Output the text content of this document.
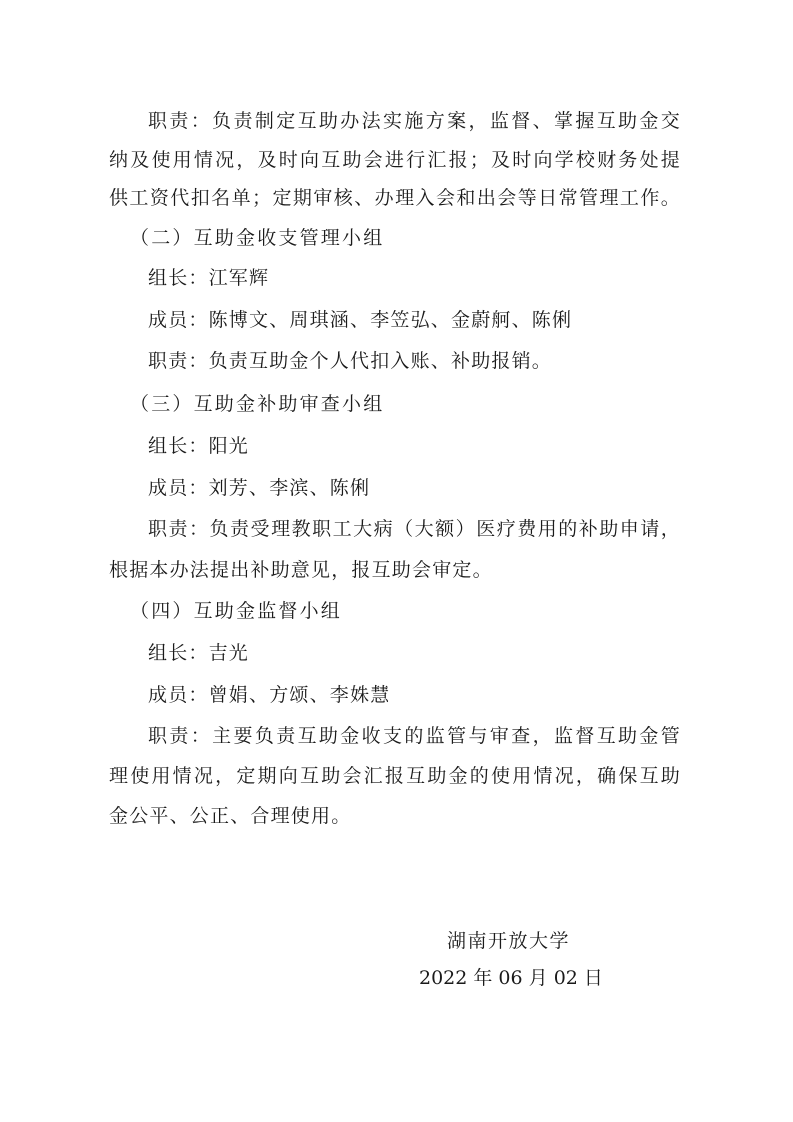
职责：负责制定互助办法实施方案，监督、掌握互助金交
纳及使用情况，及时向互助会进行汇报；及时向学校财务处提
供工资代扣名单；定期审核、办理入会和出会等日常管理工作。
（二）互助金收支管理小组
组长：江军辉
成员：陈博文、周琪涵、李笠弘、金蔚舸、陈俐
职责：负责互助金个人代扣入账、补助报销。
（三）互助金补助审查小组
组长：阳光
成员：刘芳、李滨、陈俐
职责：负责受理教职工大病（大额）医疗费用的补助申请，
根据本办法提出补助意见，报互助会审定。
（四）互助金监督小组
组长：吉光
成员：曾娟、方颂、李姝慧
职责：主要负责互助金收支的监管与审查，监督互助金管
理使用情况，定期向互助会汇报互助金的使用情况，确保互助
金公平、公正、合理使用。
湖南开放大学
2022 年 06 月 02 日
